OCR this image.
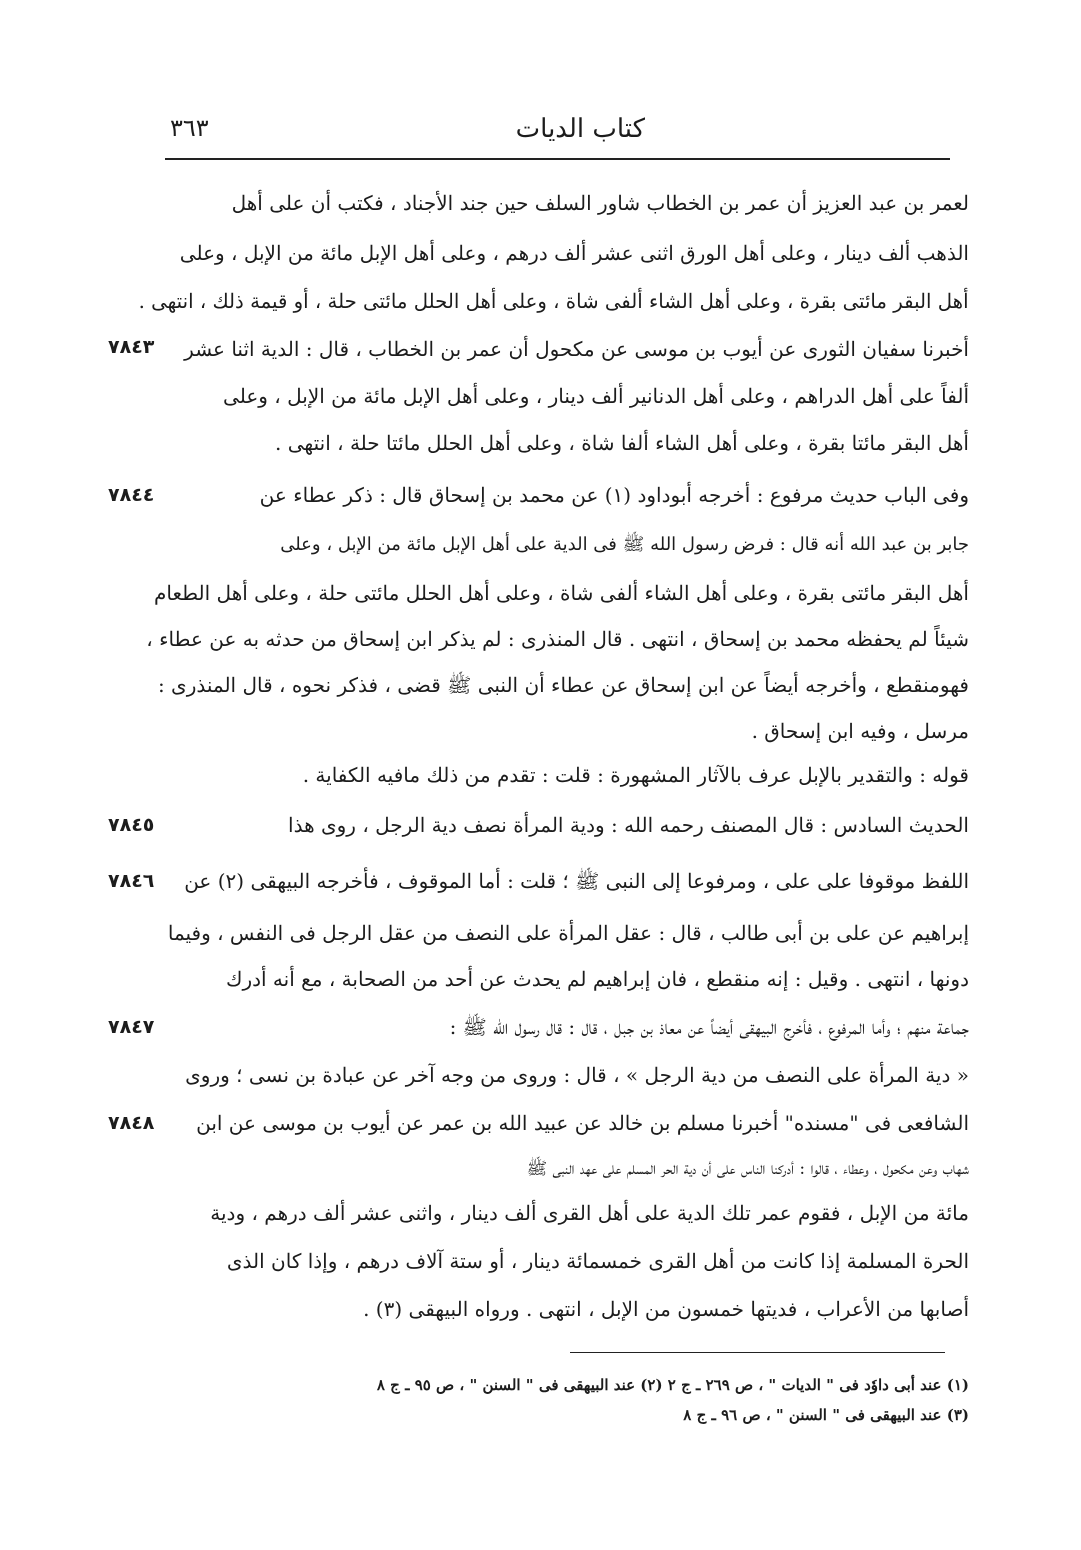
كتاب الديات
٣٦٣
لعمر بن عبد العزيز أن عمر بن الخطاب شاور السلف حين جند الأجناد ، فكتب أن على أهل
الذهب ألف دينار ، وعلى أهل الورق اثنى عشر ألف درهم ، وعلى أهل الإبل مائة من الإبل ، وعلى
أهل البقر مائتى بقرة ، وعلى أهل الشاء ألفى شاة ، وعلى أهل الحلل مائتى حلة ، أو قيمة ذلك ، انتهى .
أخبرنا سفيان الثورى عن أيوب بن موسى عن مكحول أن عمر بن الخطاب ، قال : الدية اثنا عشر
ألفاً على أهل الدراهم ، وعلى أهل الدنانير ألف دينار ، وعلى أهل الإبل مائة من الإبل ، وعلى
أهل البقر مائتا بقرة ، وعلى أهل الشاء ألفا شاة ، وعلى أهل الحلل مائتا حلة ، انتهى .
وفى الباب حديث مرفوع : أخرجه أبوداود (١) عن محمد بن إسحاق قال : ذكر عطاء عن
جابر بن عبد الله أنه قال : فرض رسول الله ﷺ فى الدية على أهل الإبل مائة من الإبل ، وعلى
أهل البقر مائتى بقرة ، وعلى أهل الشاء ألفى شاة ، وعلى أهل الحلل مائتى حلة ، وعلى أهل الطعام
شيئاً لم يحفظه محمد بن إسحاق ، انتهى . قال المنذرى : لم يذكر ابن إسحاق من حدثه به عن عطاء ،
فهومنقطع ، وأخرجه أيضاً عن ابن إسحاق عن عطاء أن النبى ﷺ قضى ، فذكر نحوه ، قال المنذرى :
مرسل ، وفيه ابن إسحاق .
قوله : والتقدير بالإبل عرف بالآثار المشهورة : قلت : تقدم من ذلك مافيه الكفاية .
الحديث السادس : قال المصنف رحمه الله : ودية المرأة نصف دية الرجل ، روى هذا
اللفظ موقوفا على على ، ومرفوعا إلى النبى ﷺ ؛ قلت : أما الموقوف ، فأخرجه البيهقى (٢) عن
إبراهيم عن على بن أبى طالب ، قال : عقل المرأة على النصف من عقل الرجل فى النفس ، وفيما
دونها ، انتهى . وقيل : إنه منقطع ، فان إبراهيم لم يحدث عن أحد من الصحابة ، مع أنه أدرك
جماعة منهم ؛ وأما المرفوع ، فأخرج البيهقى أيضاً عن معاذ بن جبل ، قال : قال رسول الله ﷺ :
« دية المرأة على النصف من دية الرجل » ، قال : وروى من وجه آخر عن عبادة بن نسى ؛ وروى
الشافعى فى "مسنده" أخبرنا مسلم بن خالد عن عبيد الله بن عمر عن أيوب بن موسى عن ابن
شهاب وعن مكحول ، وعطاء ، قالوا : أدركنا الناس على أن دية الحر المسلم على عهد النبى ﷺ
مائة من الإبل ، فقوم عمر تلك الدية على أهل القرى ألف دينار ، واثنى عشر ألف درهم ، ودية
الحرة المسلمة إذا كانت من أهل القرى خمسمائة دينار ، أو ستة آلاف درهم ، وإذا كان الذى
أصابها من الأعراب ، فديتها خمسون من الإبل ، انتهى . ورواه البيهقى (٣) .
٧٨٤٣
٧٨٤٤
٧٨٤٥
٧٨٤٦
٧٨٤٧
٧٨٤٨
(١) عند أبى داوٗد فى " الديات " ، ص ٢٦٩ ـ ج ٢ (٢) عند البيهقى فى " السنن " ، ص ٩٥ ـ ج ٨
(٣) عند البيهقى فى " السنن " ، ص ٩٦ ـ ج ٨
